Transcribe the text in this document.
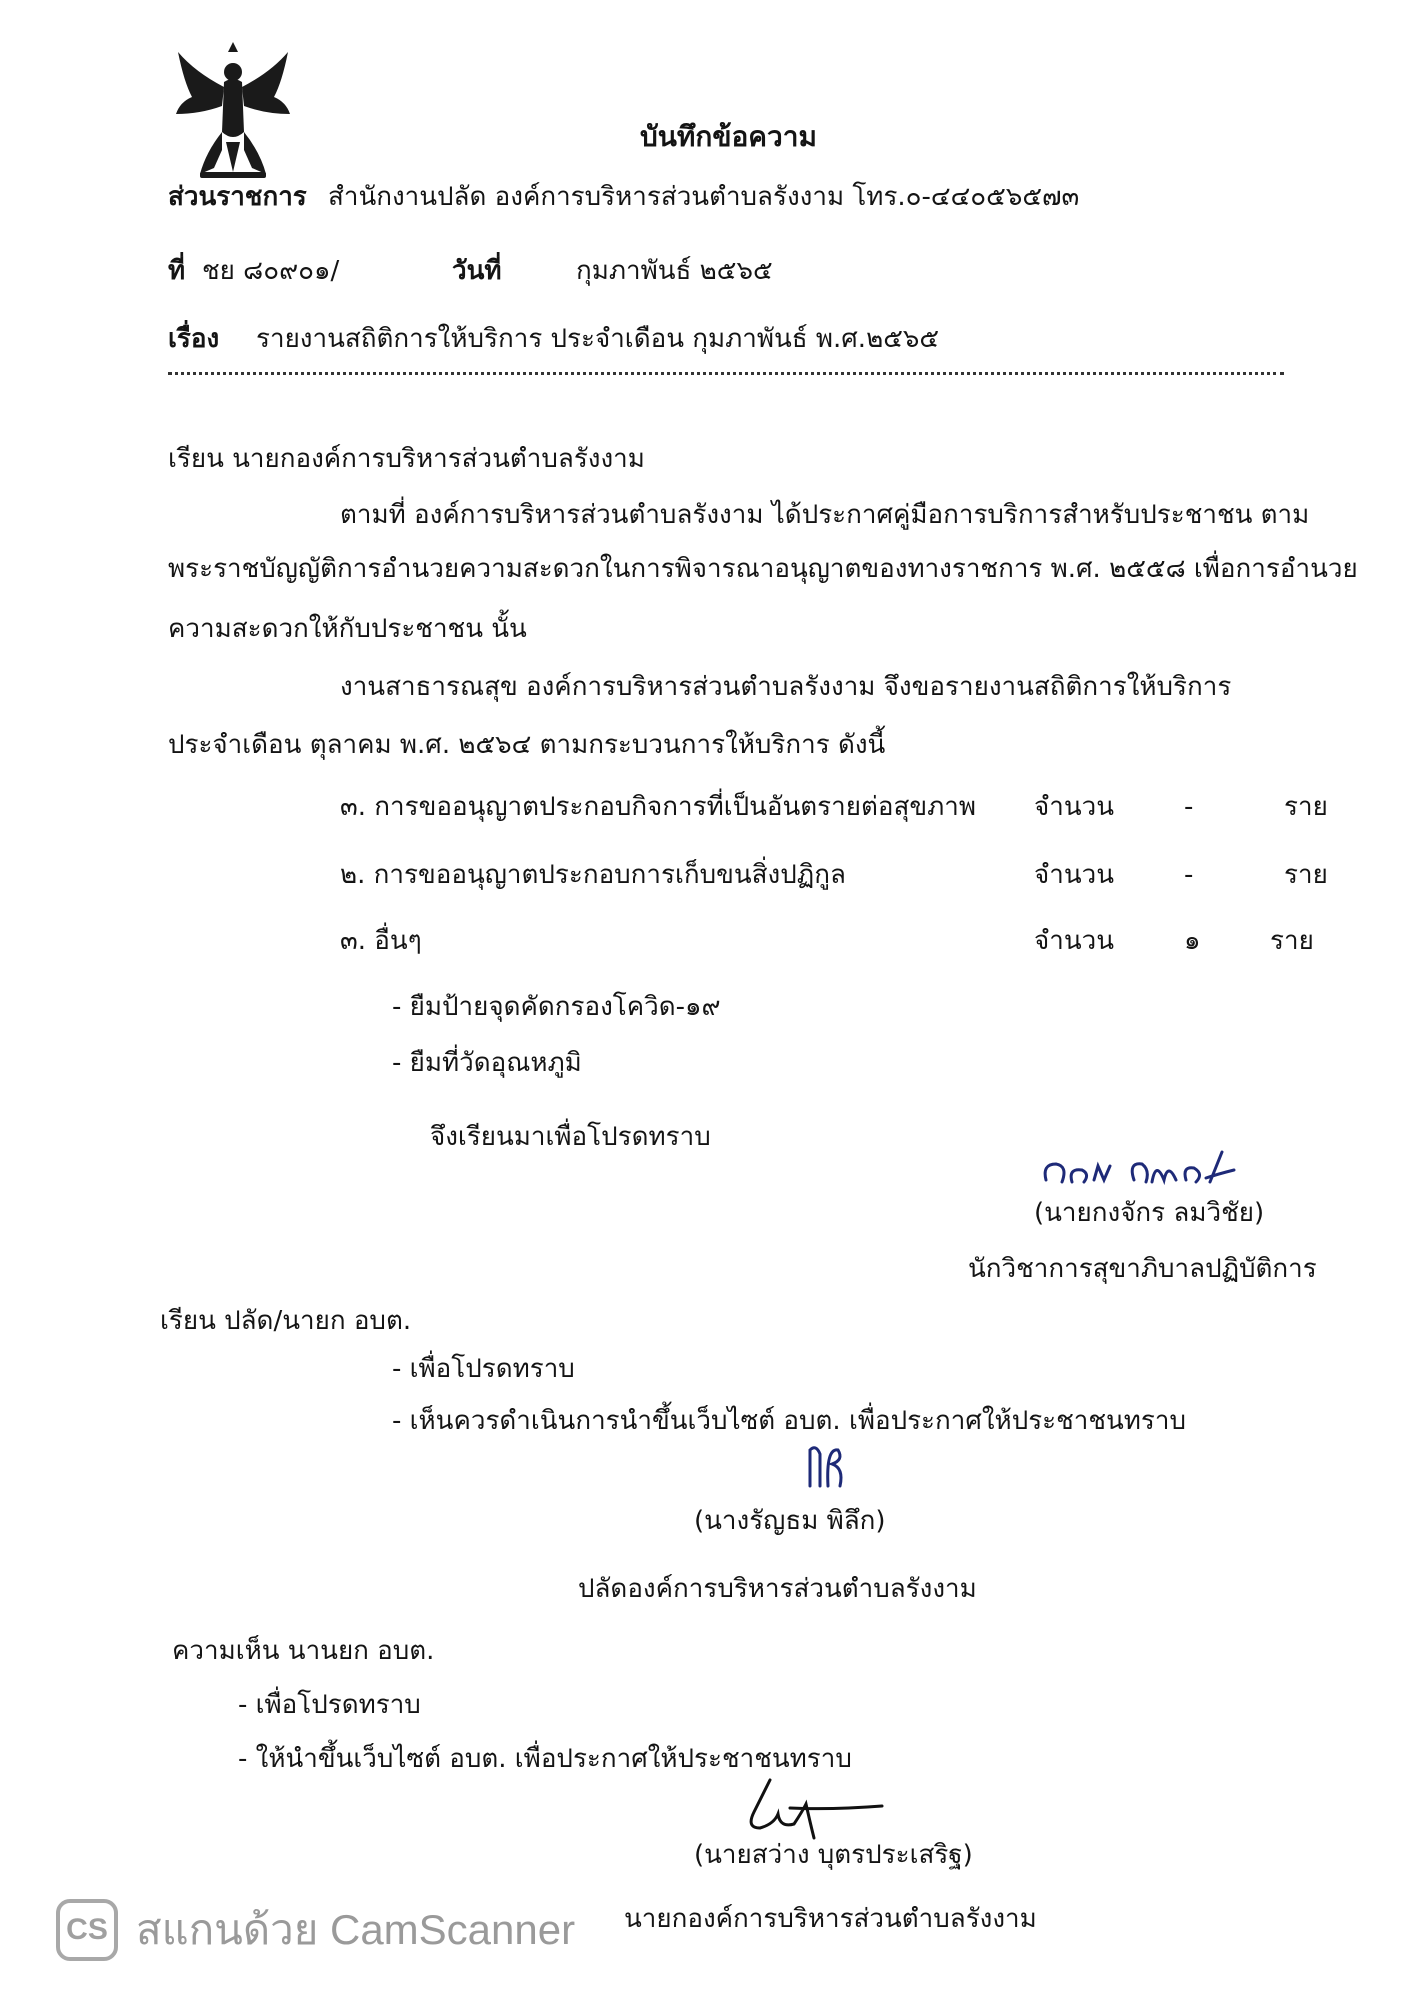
บันทึกข้อความ
ส่วนราชการ สำนักงานปลัด องค์การบริหารส่วนตำบลรังงาม โทร.๐-๔๔๐๕๖๕๗๓
ที่ ชย ๘๐๙๐๑/	วันที่	กุมภาพันธ์ ๒๕๖๕
เรื่อง รายงานสถิติการให้บริการ ประจำเดือน กุมภาพันธ์ พ.ศ.๒๕๖๕
เรียน นายกองค์การบริหารส่วนตำบลรังงาม
ตามที่ องค์การบริหารส่วนตำบลรังงาม ได้ประกาศคู่มือการบริการสำหรับประชาชน ตาม
พระราชบัญญัติการอำนวยความสะดวกในการพิจารณาอนุญาตของทางราชการ พ.ศ. ๒๕๕๘ เพื่อการอำนวย
ความสะดวกให้กับประชาชน นั้น
งานสาธารณสุข องค์การบริหารส่วนตำบลรังงาม จึงขอรายงานสถิติการให้บริการ
ประจำเดือน ตุลาคม พ.ศ. ๒๕๖๔ ตามกระบวนการให้บริการ ดังนี้
๓. การขออนุญาตประกอบกิจการที่เป็นอันตรายต่อสุขภาพ จำนวน	-	ราย
๒. การขออนุญาตประกอบการเก็บขนสิ่งปฏิกูล	จำนวน	-	ราย
๓. อื่นๆ	จำนวน	๑	ราย
- ยืมป้ายจุดคัดกรองโควิด-๑๙
- ยืมที่วัดอุณหภูมิ
จึงเรียนมาเพื่อโปรดทราบ
(นายกงจักร ลมวิชัย)
นักวิชาการสุขาภิบาลปฏิบัติการ
เรียน ปลัด/นายก อบต.
- เพื่อโปรดทราบ
- เห็นควรดำเนินการนำขึ้นเว็บไซต์ อบต. เพื่อประกาศให้ประชาชนทราบ
(นางรัญธม พิลึก)
ปลัดองค์การบริหารส่วนตำบลรังงาม
ความเห็น นานยก อบต.
- เพื่อโปรดทราบ
- ให้นำขึ้นเว็บไซต์ อบต. เพื่อประกาศให้ประชาชนทราบ
(นายสว่าง บุตรประเสริฐ)
นายกองค์การบริหารส่วนตำบลรังงาม
CS สแกนด้วย CamScanner
